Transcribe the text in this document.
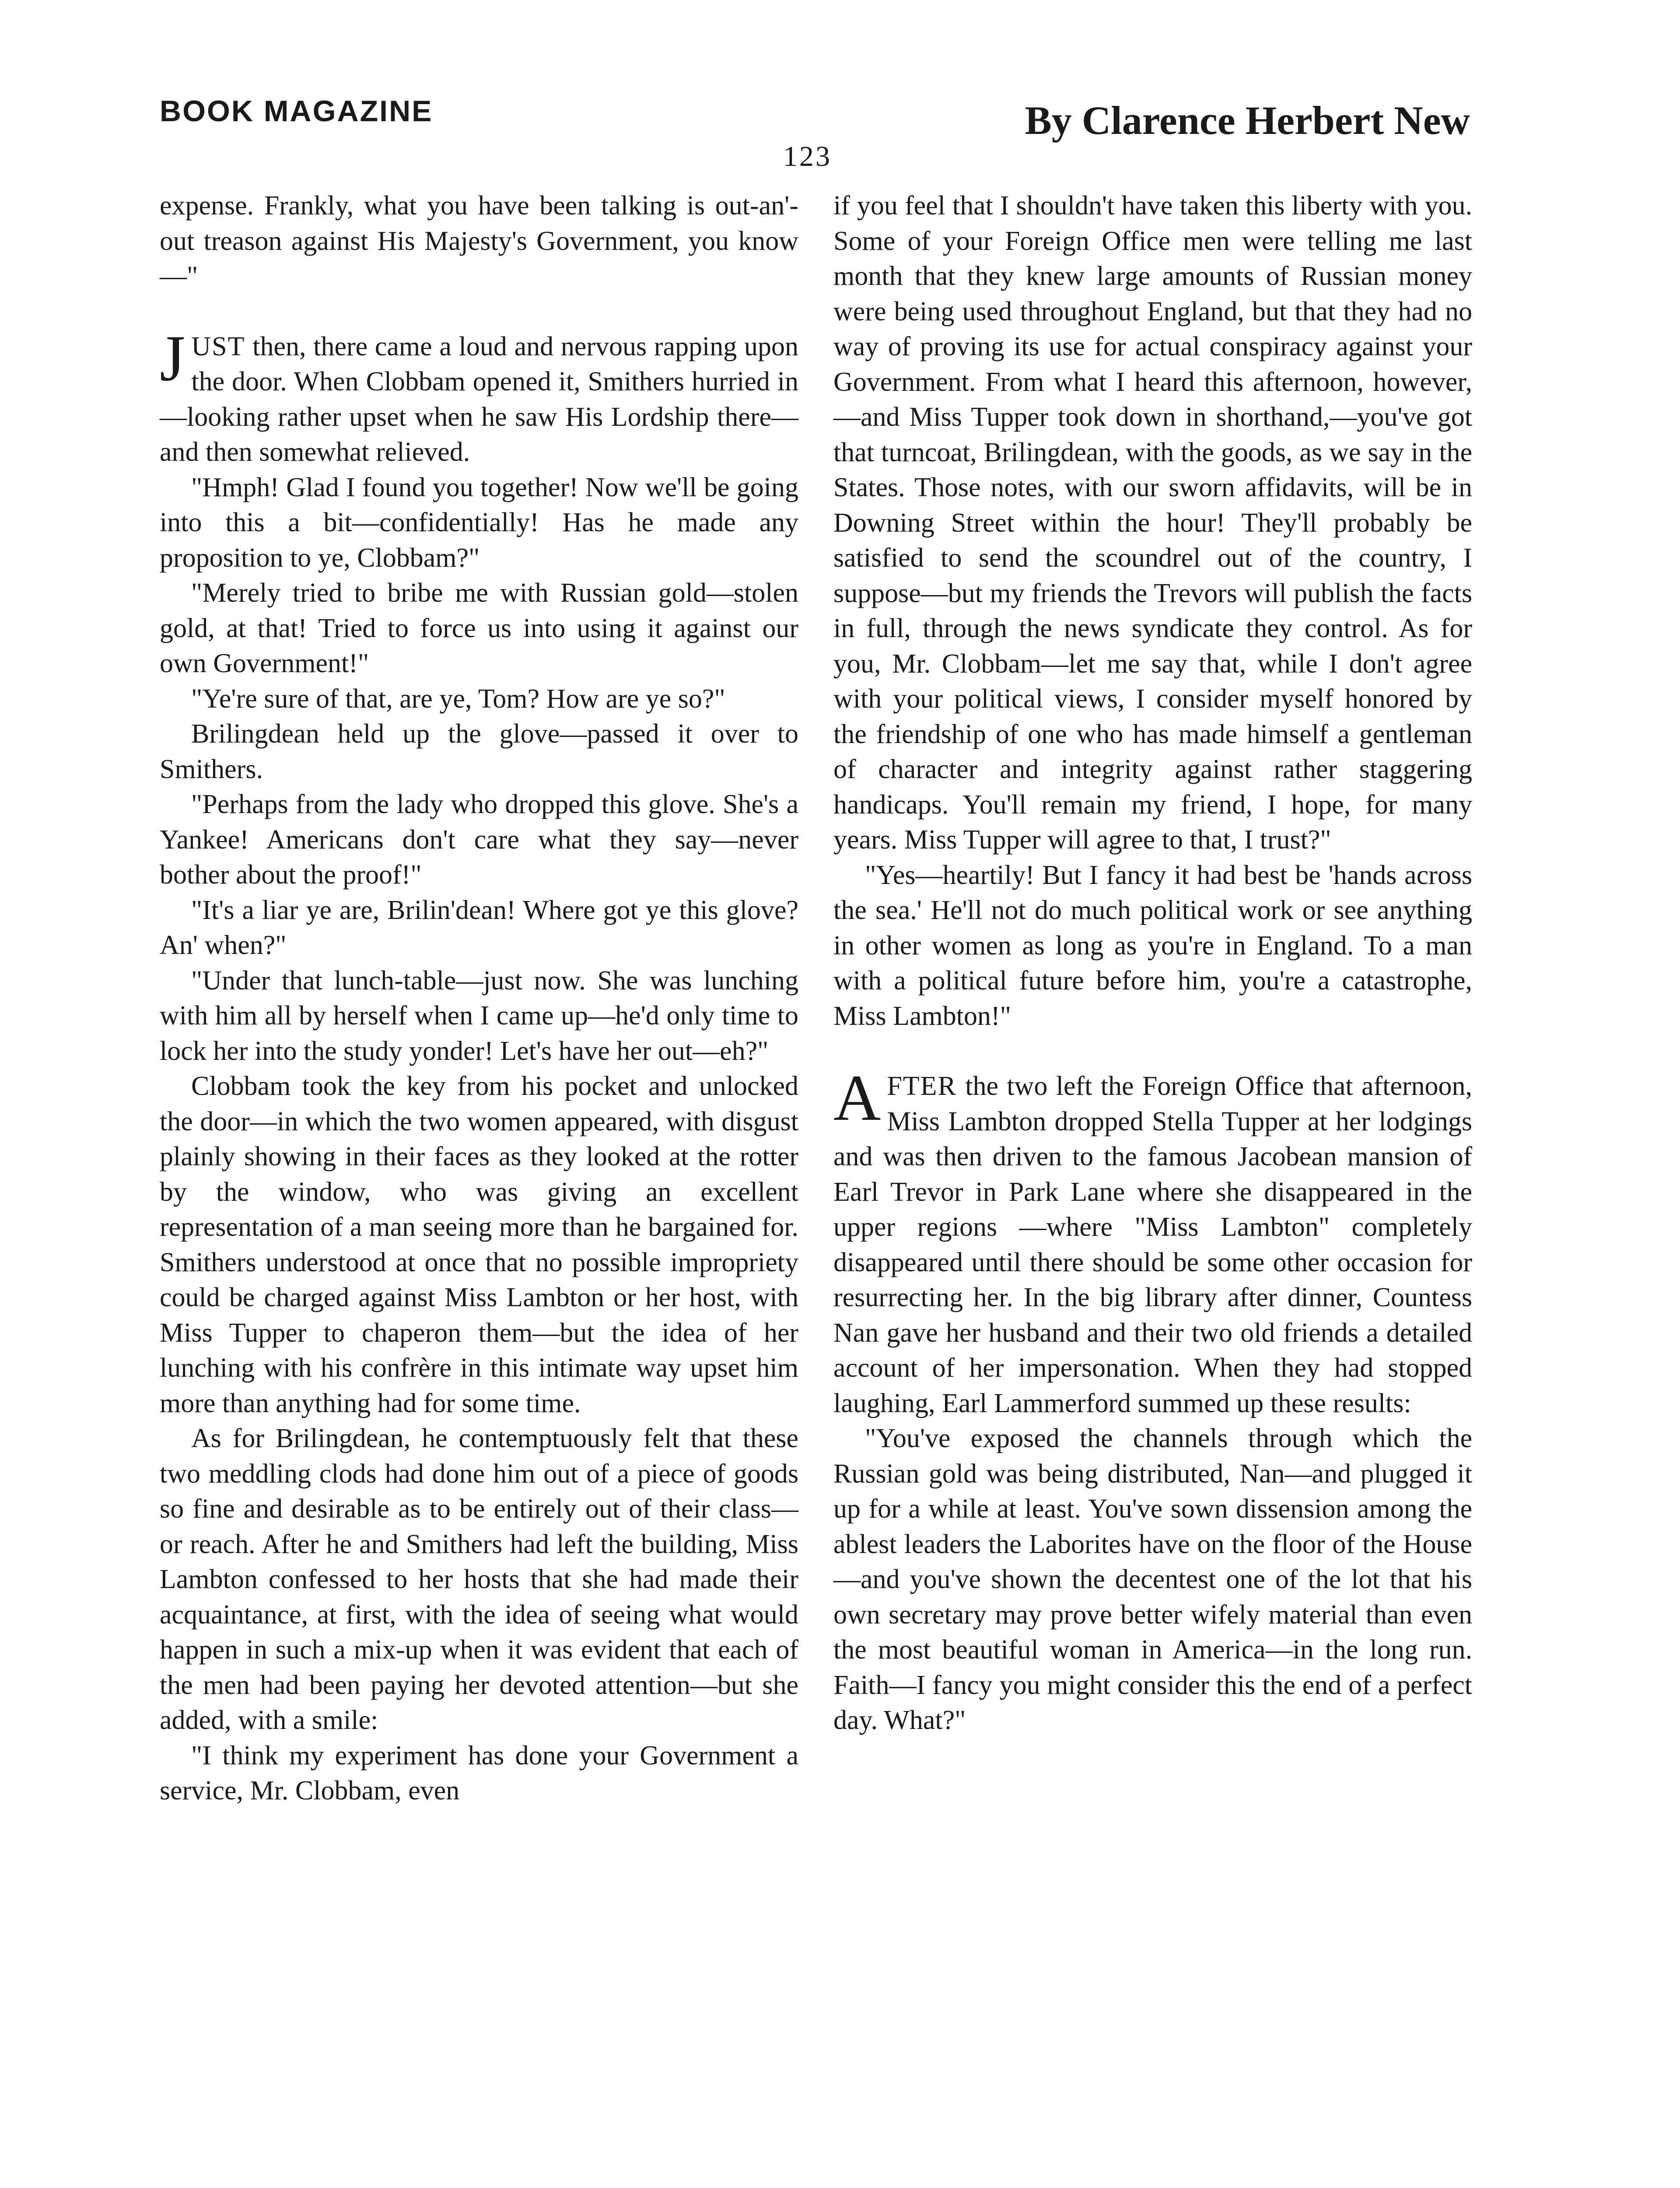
BOOK MAGAZINE	By Clarence Herbert New
123

expense. Frankly, what you have been talking is out-an'-out treason against His Majesty's Government, you know—"

JUST then, there came a loud and nervous rapping upon the door. When Clobbam opened it, Smithers hurried in—looking rather upset when he saw His Lordship there—and then somewhat relieved.

"Hmph! Glad I found you together! Now we'll be going into this a bit—confidentially! Has he made any proposition to ye, Clobbam?"

"Merely tried to bribe me with Russian gold—stolen gold, at that! Tried to force us into using it against our own Government!"

"Ye're sure of that, are ye, Tom? How are ye so?"

Brilingdean held up the glove—passed it over to Smithers.

"Perhaps from the lady who dropped this glove. She's a Yankee! Americans don't care what they say—never bother about the proof!"

"It's a liar ye are, Brilin'dean! Where got ye this glove? An' when?"

"Under that lunch-table—just now. She was lunching with him all by herself when I came up—he'd only time to lock her into the study yonder! Let's have her out—eh?"

Clobbam took the key from his pocket and unlocked the door—in which the two women appeared, with disgust plainly showing in their faces as they looked at the rotter by the window, who was giving an excellent representation of a man seeing more than he bargained for. Smithers understood at once that no possible impropriety could be charged against Miss Lambton or her host, with Miss Tupper to chaperon them—but the idea of her lunching with his confrère in this intimate way upset him more than anything had for some time.

As for Brilingdean, he contemptuously felt that these two meddling clods had done him out of a piece of goods so fine and desirable as to be entirely out of their class—or reach. After he and Smithers had left the building, Miss Lambton confessed to her hosts that she had made their acquaintance, at first, with the idea of seeing what would happen in such a mix-up when it was evident that each of the men had been paying her devoted attention—but she added, with a smile:

"I think my experiment has done your Government a service, Mr. Clobbam, even

if you feel that I shouldn't have taken this liberty with you. Some of your Foreign Office men were telling me last month that they knew large amounts of Russian money were being used throughout England, but that they had no way of proving its use for actual conspiracy against your Government. From what I heard this afternoon, however,—and Miss Tupper took down in shorthand,—you've got that turncoat, Brilingdean, with the goods, as we say in the States. Those notes, with our sworn affidavits, will be in Downing Street within the hour! They'll probably be satisfied to send the scoundrel out of the country, I suppose—but my friends the Trevors will publish the facts in full, through the news syndicate they control. As for you, Mr. Clobbam—let me say that, while I don't agree with your political views, I consider myself honored by the friendship of one who has made himself a gentleman of character and integrity against rather staggering handicaps. You'll remain my friend, I hope, for many years. Miss Tupper will agree to that, I trust?"

"Yes—heartily! But I fancy it had best be 'hands across the sea.' He'll not do much political work or see anything in other women as long as you're in England. To a man with a political future before him, you're a catastrophe, Miss Lambton!"

AFTER the two left the Foreign Office that afternoon, Miss Lambton dropped Stella Tupper at her lodgings and was then driven to the famous Jacobean mansion of Earl Trevor in Park Lane where she disappeared in the upper regions —where "Miss Lambton" completely disappeared until there should be some other occasion for resurrecting her. In the big library after dinner, Countess Nan gave her husband and their two old friends a detailed account of her impersonation. When they had stopped laughing, Earl Lammerford summed up these results:

"You've exposed the channels through which the Russian gold was being distributed, Nan—and plugged it up for a while at least. You've sown dissension among the ablest leaders the Laborites have on the floor of the House—and you've shown the decentest one of the lot that his own secretary may prove better wifely material than even the most beautiful woman in America—in the long run. Faith—I fancy you might consider this the end of a perfect day. What?"
